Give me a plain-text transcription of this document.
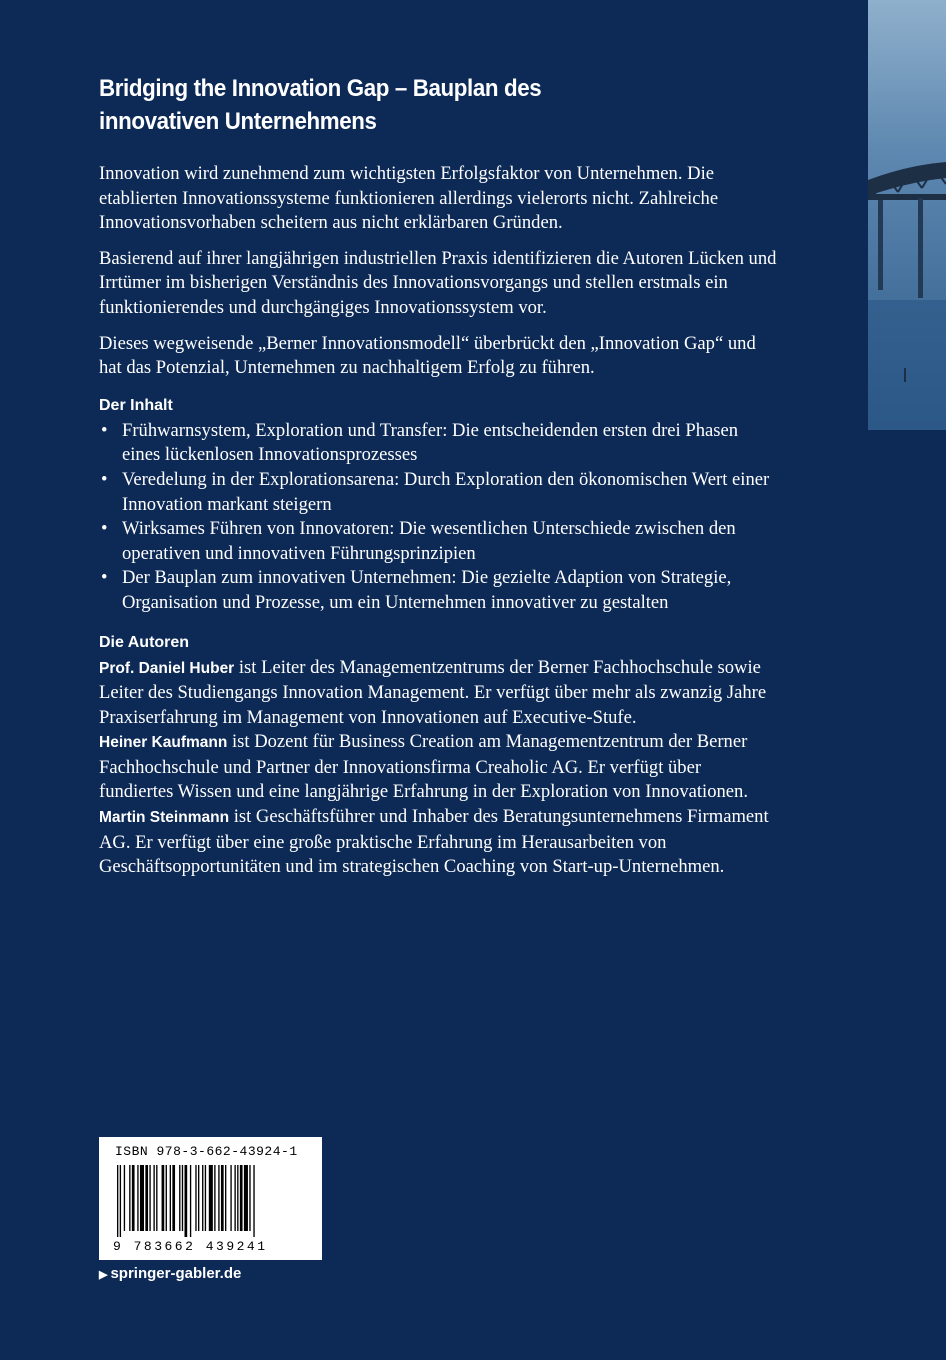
Bridging the Innovation Gap – Bauplan des innovativen Unternehmens

Innovation wird zunehmend zum wichtigsten Erfolgsfaktor von Unternehmen. Die etablierten Innovationssysteme funktionieren allerdings vielerorts nicht. Zahlreiche Innovationsvorhaben scheitern aus nicht erklärbaren Gründen.

Basierend auf ihrer langjährigen industriellen Praxis identifizieren die Autoren Lücken und Irrtümer im bisherigen Verständnis des Innovationsvorgangs und stellen erstmals ein funktionierendes und durchgängiges Innovationssystem vor.

Dieses wegweisende „Berner Innovationsmodell“ überbrückt den „Innovation Gap“ und hat das Potenzial, Unternehmen zu nachhaltigem Erfolg zu führen.

Der Inhalt
• Frühwarnsystem, Exploration und Transfer: Die entscheidenden ersten drei Phasen eines lückenlosen Innovationsprozesses
• Veredelung in der Explorationsarena: Durch Exploration den ökonomischen Wert einer Innovation markant steigern
• Wirksames Führen von Innovatoren: Die wesentlichen Unterschiede zwischen den operativen und innovativen Führungsprinzipien
• Der Bauplan zum innovativen Unternehmen: Die gezielte Adaption von Strategie, Organisation und Prozesse, um ein Unternehmen innovativer zu gestalten
Die Autoren

Prof. Daniel Huber ist Leiter des Managementzentrums der Berner Fachhochschule sowie Leiter des Studiengangs Innovation Management. Er verfügt über mehr als zwanzig Jahre Praxiserfahrung im Management von Innovationen auf Executive-Stufe.

Heiner Kaufmann ist Dozent für Business Creation am Managementzentrum der Berner Fachhochschule und Partner der Innovationsfirma Creaholic AG. Er verfügt über fundiertes Wissen und eine langjährige Erfahrung in der Exploration von Innovationen.

Martin Steinmann ist Geschäftsführer und Inhaber des Beratungsunternehmens Firmament AG. Er verfügt über eine große praktische Erfahrung im Herausarbeiten von Geschäftsopportunitäten und im strategischen Coaching von Start-up-Unternehmen.

ISBN 978-3-662-43924-1
9 783662 439241
▶ springer-gabler.de
